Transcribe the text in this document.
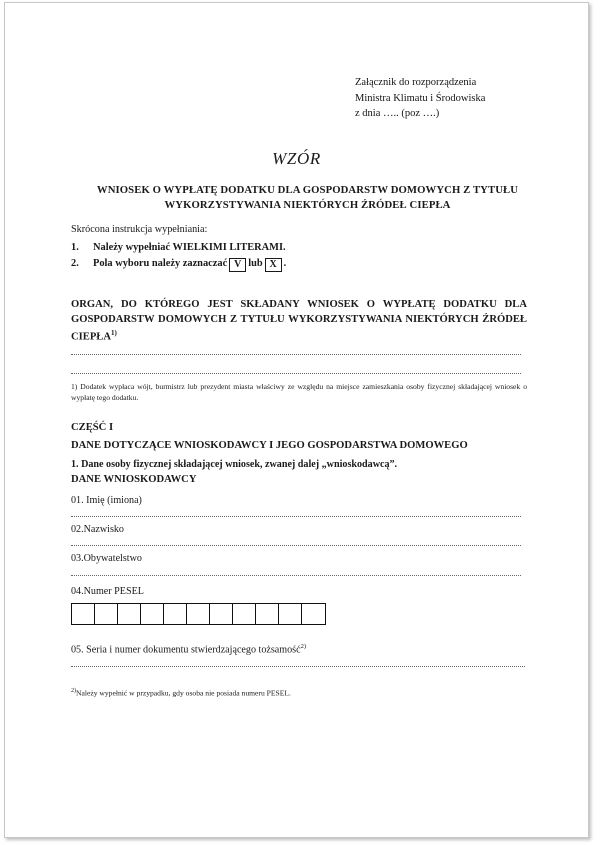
Załącznik do rozporządzenia
Ministra Klimatu i Środowiska
z dnia ….. (poz ….)
WZÓR
WNIOSEK O WYPŁATĘ DODATKU DLA GOSPODARSTW DOMOWYCH Z TYTUŁU WYKORZYSTYWANIA NIEKTÓRYCH ŹRÓDEŁ CIEPŁA
Skrócona instrukcja wypełniania:
1.	Należy wypełniać WIELKIMI LITERAMI.
2.	Pola wyboru należy zaznaczać V lub X .
ORGAN, DO KTÓREGO JEST SKŁADANY WNIOSEK O WYPŁATĘ DODATKU DLA GOSPODARSTW DOMOWYCH Z TYTUŁU WYKORZYSTYWANIA NIEKTÓRYCH ŹRÓDEŁ CIEPŁA$^{1)}$
1) Dodatek wypłaca wójt, burmistrz lub prezydent miasta właściwy ze względu na miejsce zamieszkania osoby fizycznej składającej wniosek o wypłatę tego dodatku.
CZĘŚĆ I
DANE DOTYCZĄCE WNIOSKODAWCY I JEGO GOSPODARSTWA DOMOWEGO
1. Dane osoby fizycznej składającej wniosek, zwanej dalej „wnioskodawcą”.
DANE WNIOSKODAWCY
01. Imię (imiona)
02.Nazwisko
03.Obywatelstwo
04.Numer PESEL
05. Seria i numer dokumentu stwierdzającego tożsamość$^{2)}$
$^{2)}$Należy wypełnić w przypadku, gdy osoba nie posiada numeru PESEL.
